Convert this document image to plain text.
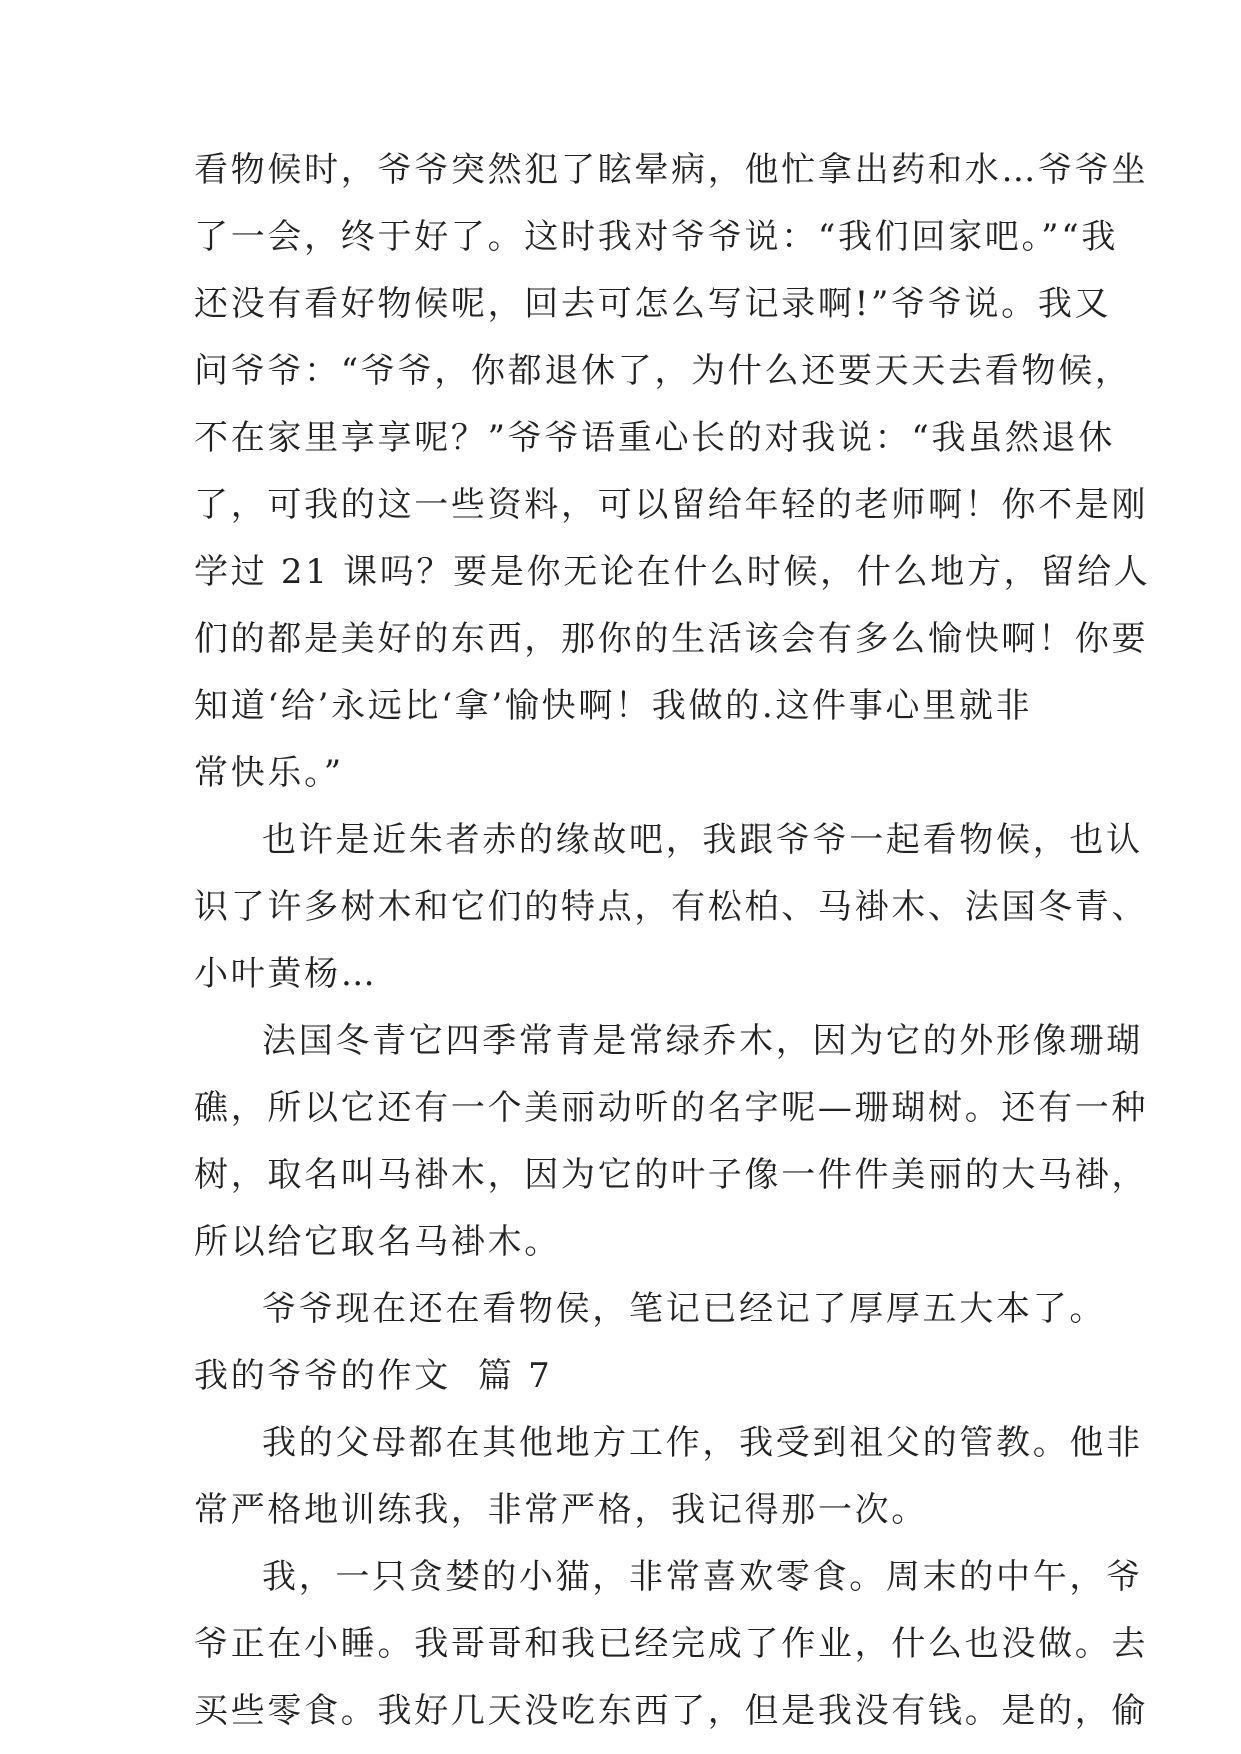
看物候时，爷爷突然犯了眩晕病，他忙拿出药和水…爷爷坐
了一会，终于好了。这时我对爷爷说：“我们回家吧。”“我
还没有看好物候呢，回去可怎么写记录啊!”爷爷说。我又
问爷爷：“爷爷，你都退休了，为什么还要天天去看物候，
不在家里享享呢？”爷爷语重心长的对我说：“我虽然退休
了，可我的这一些资料，可以留给年轻的老师啊！你不是刚
学过 21 课吗？要是你无论在什么时候，什么地方，留给人
们的都是美好的东西，那你的生活该会有多么愉快啊！你要
知道‘给’永远比‘拿’愉快啊！我做的.这件事心里就非
常快乐。”
也许是近朱者赤的缘故吧，我跟爷爷一起看物候，也认
识了许多树木和它们的特点，有松柏、马褂木、法国冬青、
小叶黄杨…
法国冬青它四季常青是常绿乔木，因为它的外形像珊瑚
礁，所以它还有一个美丽动听的名字呢—珊瑚树。还有一种
树，取名叫马褂木，因为它的叶子像一件件美丽的大马褂，
所以给它取名马褂木。
爷爷现在还在看物侯，笔记已经记了厚厚五大本了。
我的爷爷的作文  篇 7
我的父母都在其他地方工作，我受到祖父的管教。他非
常严格地训练我，非常严格，我记得那一次。
我，一只贪婪的小猫，非常喜欢零食。周末的中午，爷
爷正在小睡。我哥哥和我已经完成了作业，什么也没做。去
买些零食。我好几天没吃东西了，但是我没有钱。是的，偷
